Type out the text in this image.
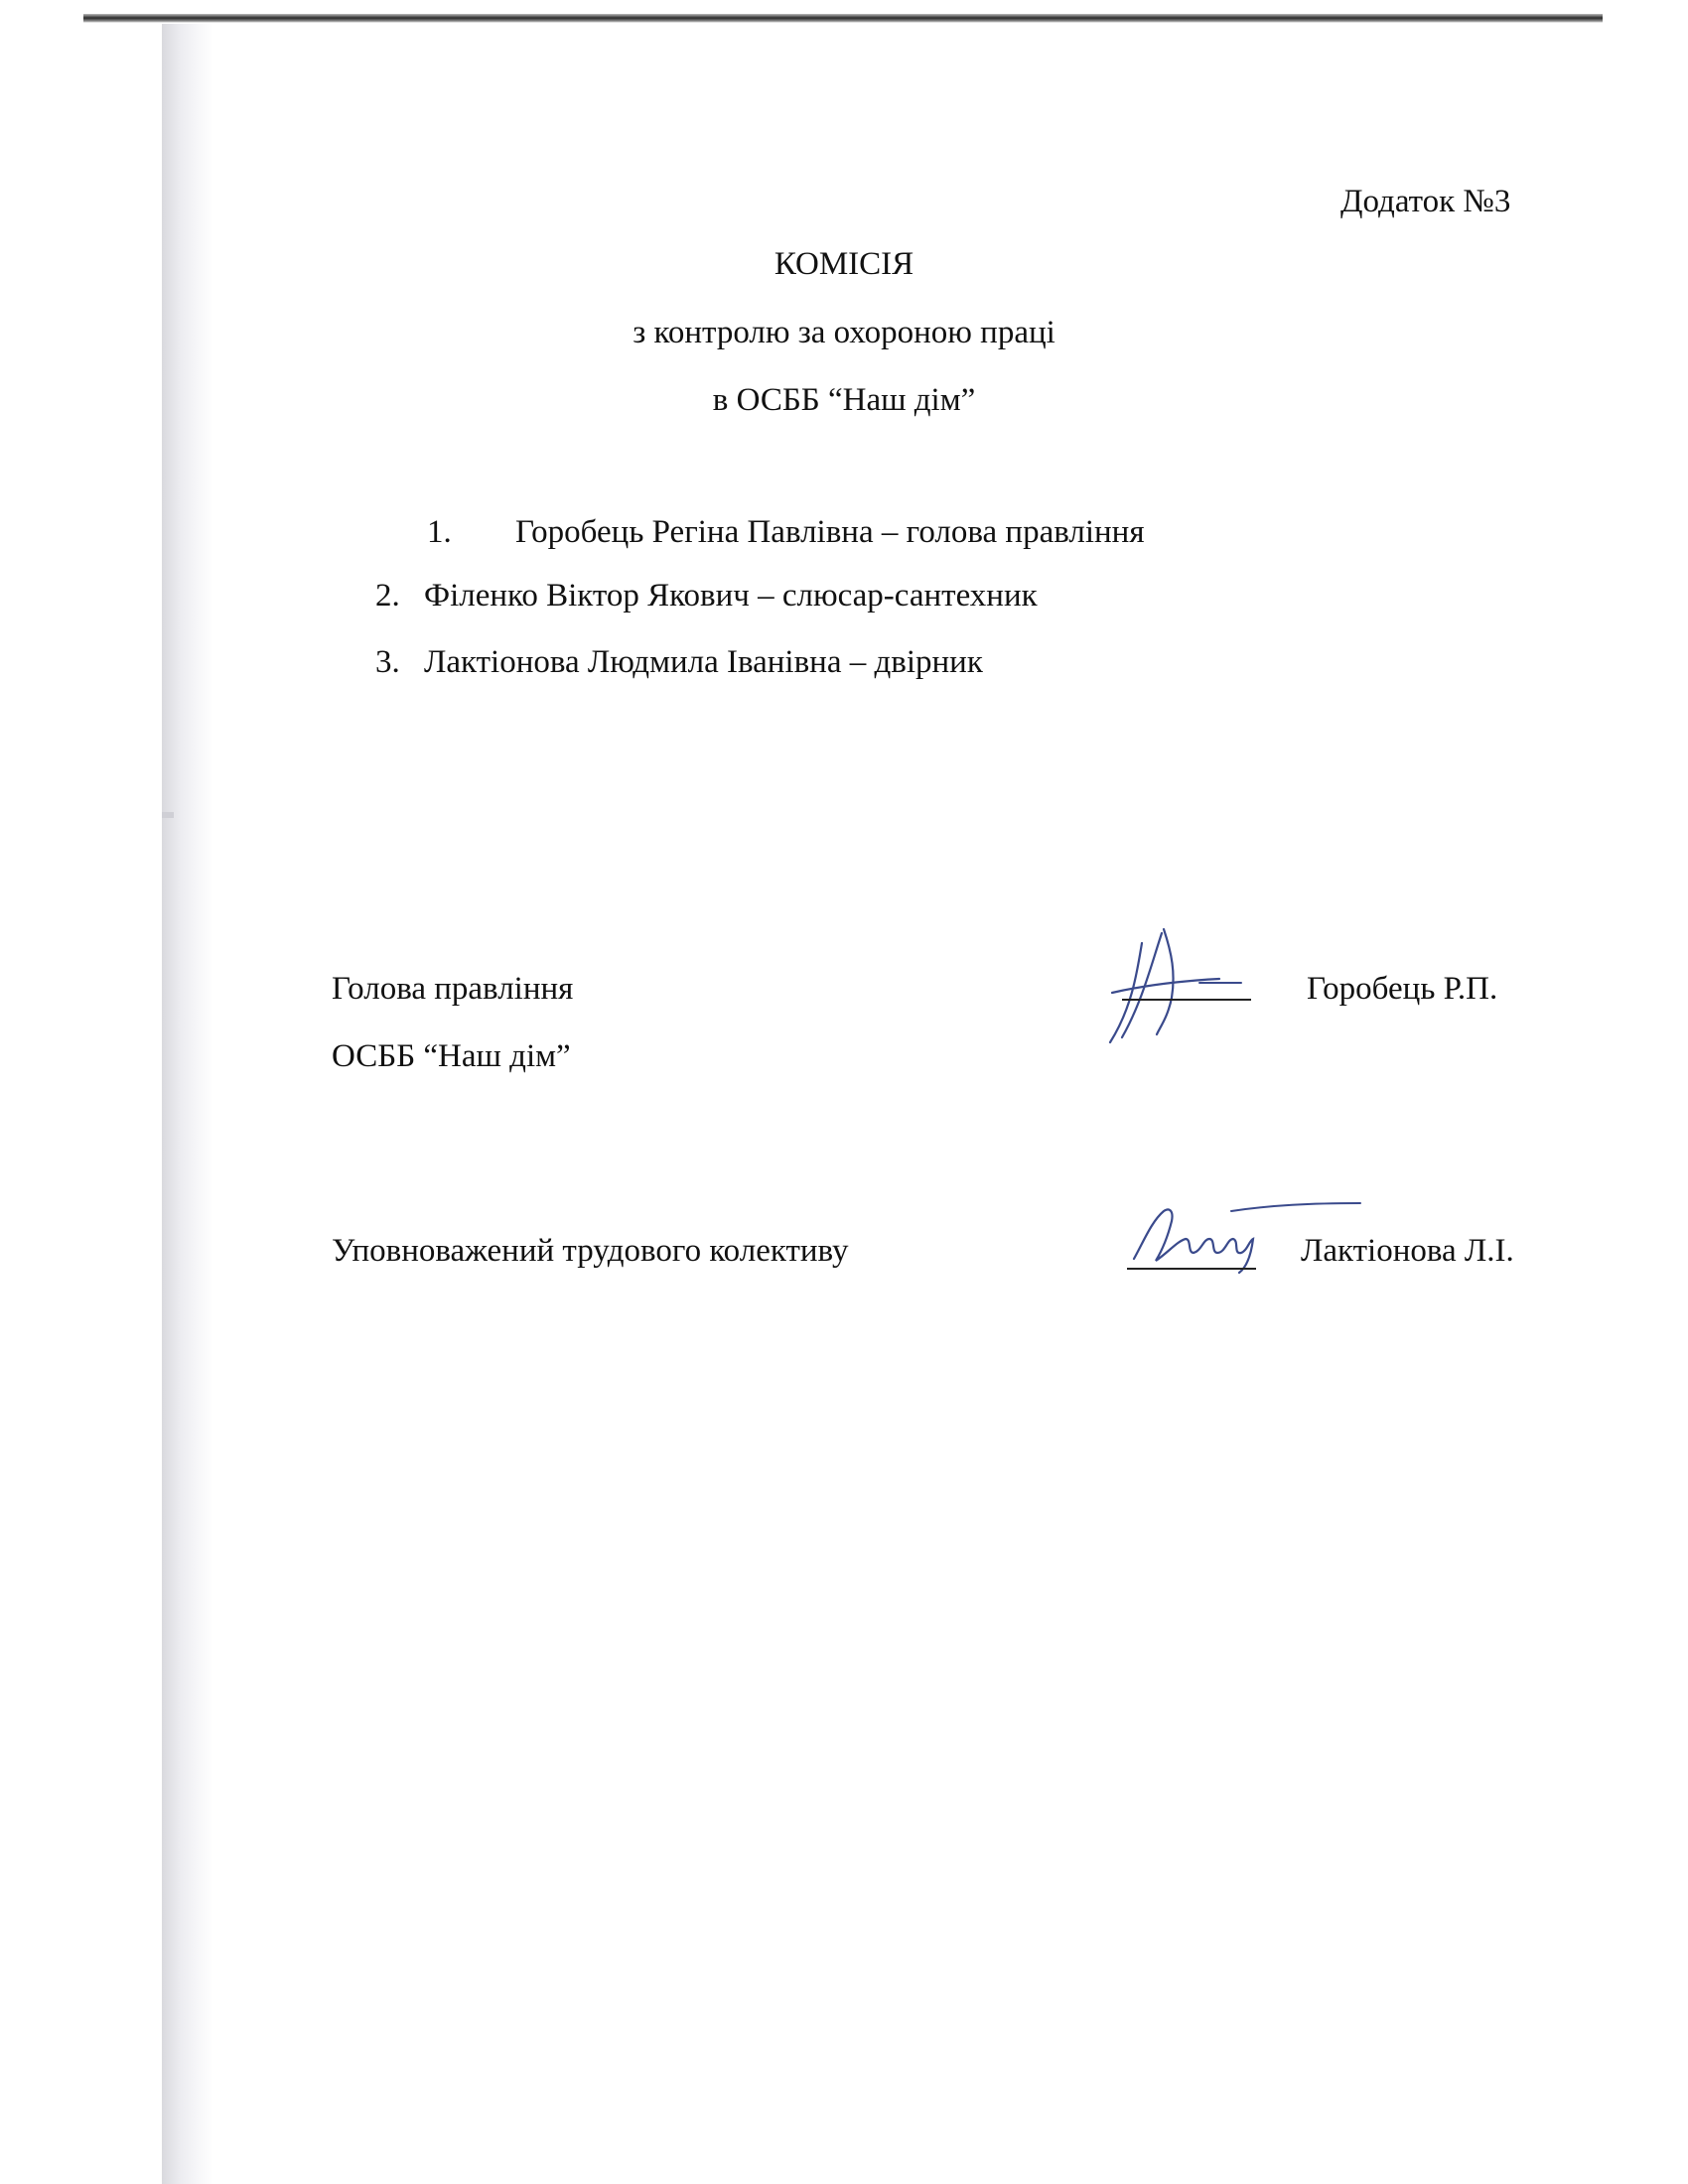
Додаток №3
КОМІСІЯ
з контролю за охороною праці
в ОСББ “Наш дім”
1. Горобець Регіна Павлівна – голова правління
2. Філенко Віктор Якович – слюсар-сантехник
3. Лактіонова Людмила Іванівна – двірник
Голова правління
ОСББ “Наш дім”
Горобець Р.П.
Уповноважений трудового колективу	Лактіонова Л.І.
